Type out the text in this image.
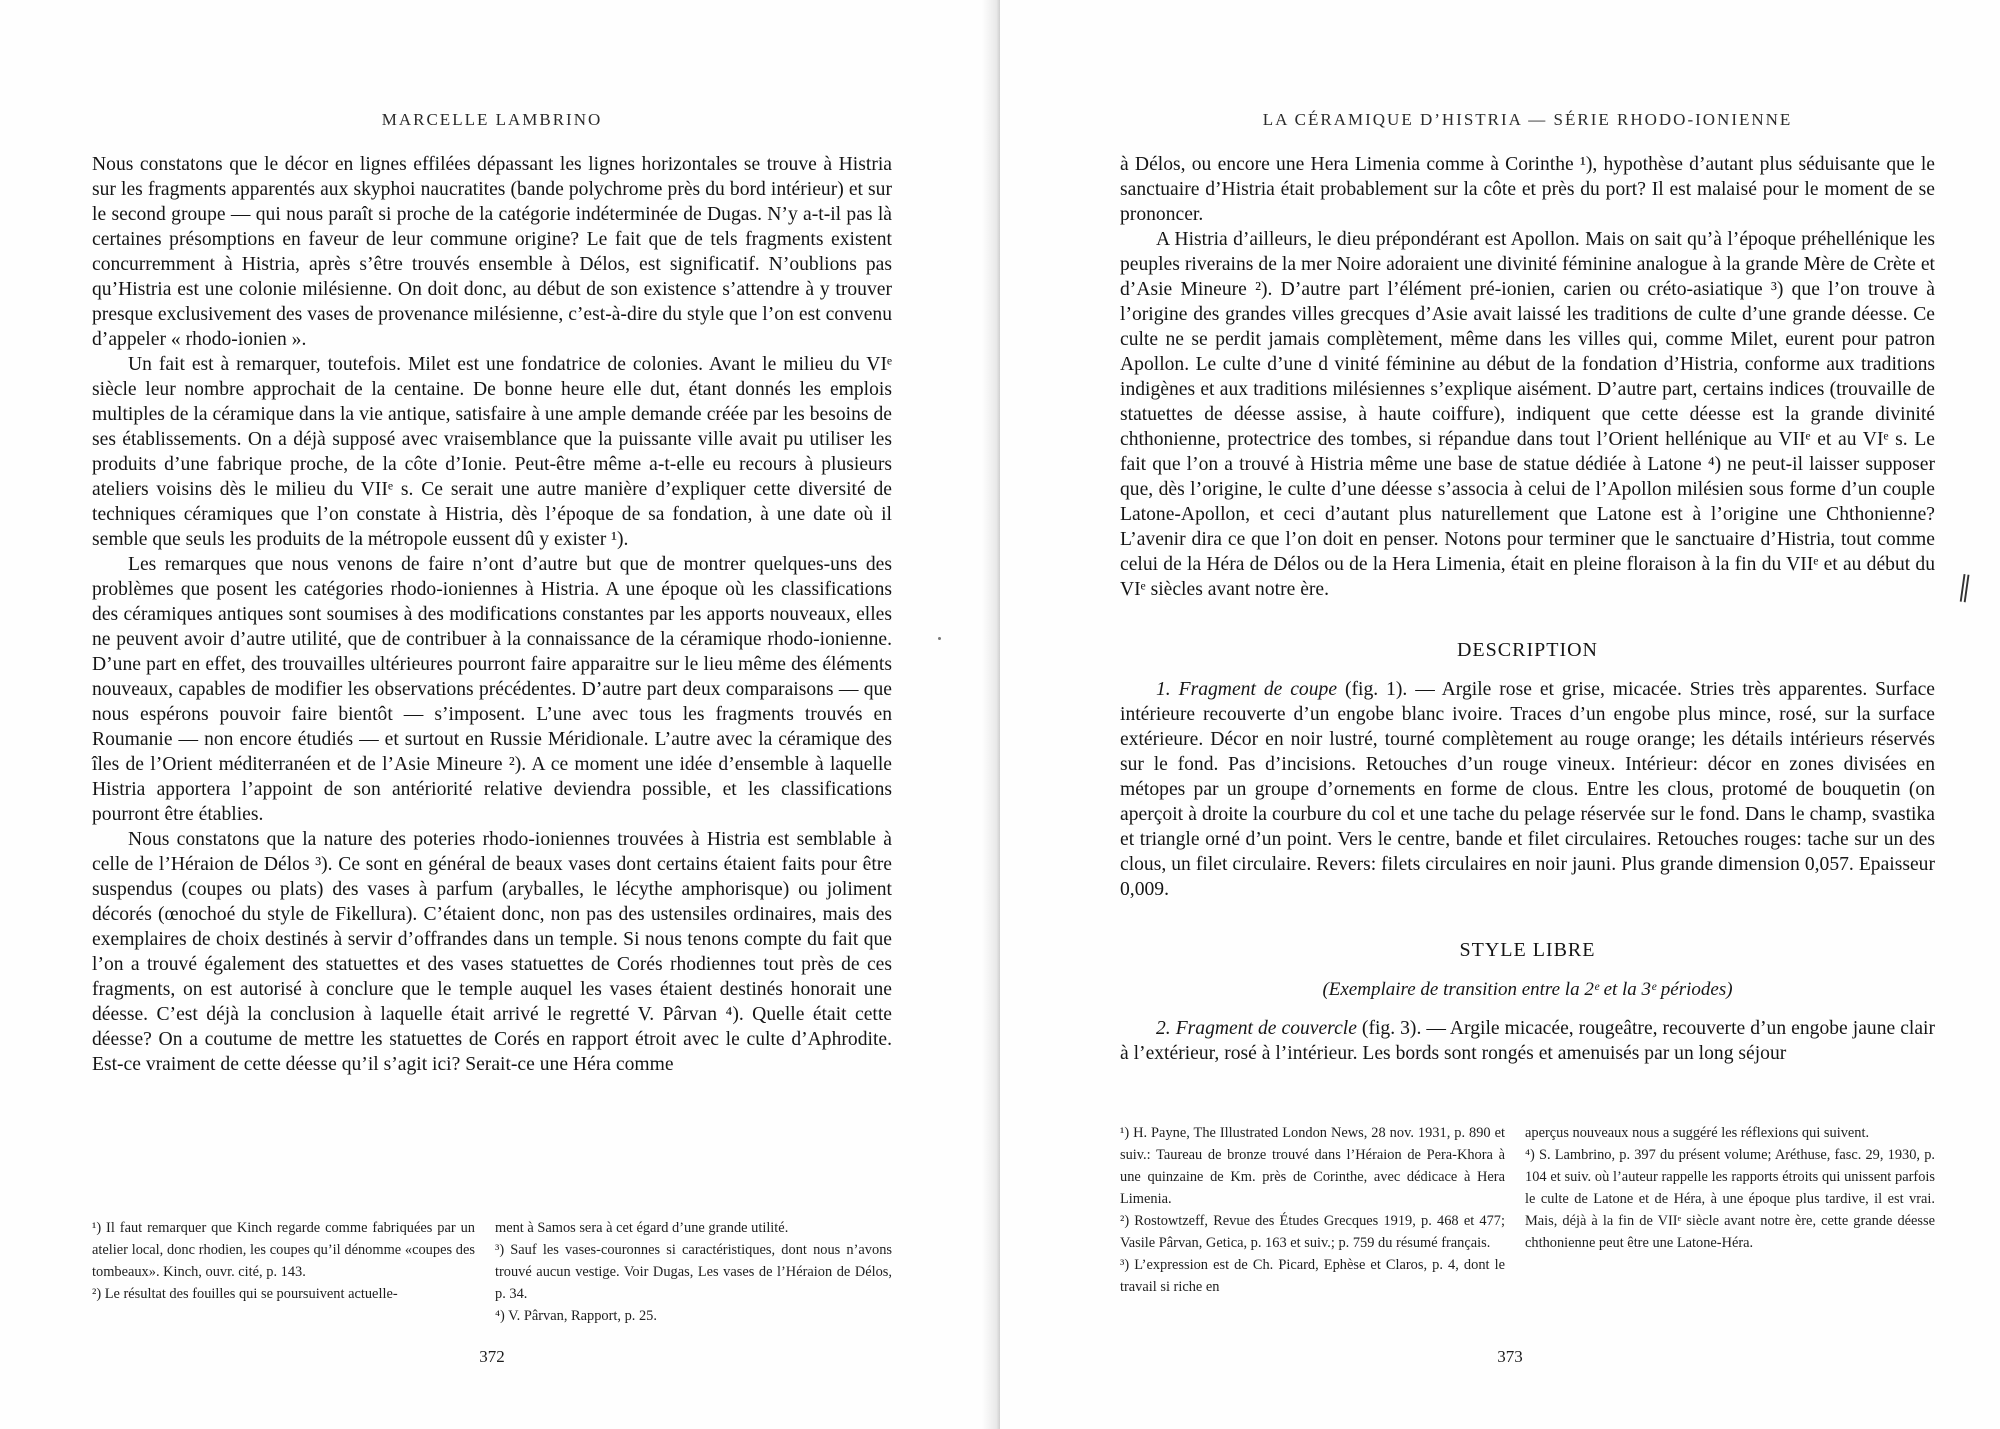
MARCELLE LAMBRINO

Nous constatons que le décor en lignes effilées dépassant les lignes horizontales se trouve à Histria sur les fragments apparentés aux skyphoi naucratites (bande polychrome près du bord intérieur) et sur le second groupe — qui nous paraît si proche de la catégorie indéterminée de Dugas. N’y a-t-il pas là certaines présomptions en faveur de leur commune origine? Le fait que de tels fragments existent concurremment à Histria, après s’être trouvés ensemble à Délos, est significatif. N’oublions pas qu’Histria est une colonie milésienne. On doit donc, au début de son existence s’attendre à y trouver presque exclusivement des vases de provenance milésienne, c’est-à-dire du style que l’on est convenu d’appeler « rhodo-ionien ».

Un fait est à remarquer, toutefois. Milet est une fondatrice de colonies. Avant le milieu du VIᵉ siècle leur nombre approchait de la centaine. De bonne heure elle dut, étant donnés les emplois multiples de la céramique dans la vie antique, satisfaire à une ample demande créée par les besoins de ses établissements. On a déjà supposé avec vraisemblance que la puissante ville avait pu utiliser les produits d’une fabrique proche, de la côte d’Ionie. Peut-être même a-t-elle eu recours à plusieurs ateliers voisins dès le milieu du VIIᵉ s. Ce serait une autre manière d’expliquer cette diversité de techniques céramiques que l’on constate à Histria, dès l’époque de sa fondation, à une date où il semble que seuls les produits de la métropole eussent dû y exister ¹).

Les remarques que nous venons de faire n’ont d’autre but que de montrer quelques-uns des problèmes que posent les catégories rhodo-ioniennes à Histria. A une époque où les classifications des céramiques antiques sont soumises à des modifications constantes par les apports nouveaux, elles ne peuvent avoir d’autre utilité, que de contribuer à la connaissance de la céramique rhodo-ionienne. D’une part en effet, des trouvailles ultérieures pourront faire apparaitre sur le lieu même des éléments nouveaux, capables de modifier les observations précédentes. D’autre part deux comparaisons — que nous espérons pouvoir faire bientôt — s’imposent. L’une avec tous les fragments trouvés en Roumanie — non encore étudiés — et surtout en Russie Méridionale. L’autre avec la céramique des îles de l’Orient méditerranéen et de l’Asie Mineure ²). A ce moment une idée d’ensemble à laquelle Histria apportera l’appoint de son antériorité relative deviendra possible, et les classifications pourront être établies.

Nous constatons que la nature des poteries rhodo-ioniennes trouvées à Histria est semblable à celle de l’Héraion de Délos ³). Ce sont en général de beaux vases dont certains étaient faits pour être suspendus (coupes ou plats) des vases à parfum (aryballes, le lécythe amphorisque) ou joliment décorés (œnochoé du style de Fikellura). C’étaient donc, non pas des ustensiles ordinaires, mais des exemplaires de choix destinés à servir d’offrandes dans un temple. Si nous tenons compte du fait que l’on a trouvé également des statuettes et des vases statuettes de Corés rhodiennes tout près de ces fragments, on est autorisé à conclure que le temple auquel les vases étaient destinés honorait une déesse. C’est déjà la conclusion à laquelle était arrivé le regretté V. Pârvan ⁴). Quelle était cette déesse? On a coutume de mettre les statuettes de Corés en rapport étroit avec le culte d’Aphrodite. Est-ce vraiment de cette déesse qu’il s’agit ici? Serait-ce une Héra comme

¹) Il faut remarquer que Kinch regarde comme fabriquées par un atelier local, donc rhodien, les coupes qu’il dénomme «coupes des tombeaux». Kinch, ouvr. cité, p. 143.

²) Le résultat des fouilles qui se poursuivent actuelle-

ment à Samos sera à cet égard d’une grande utilité.

³) Sauf les vases-couronnes si caractéristiques, dont nous n’avons trouvé aucun vestige. Voir Dugas, Les vases de l’Héraion de Délos, p. 34.

⁴) V. Pârvan, Rapport, p. 25.

372
LA CÉRAMIQUE D’HISTRIA — SÉRIE RHODO-IONIENNE

à Délos, ou encore une Hera Limenia comme à Corinthe ¹), hypothèse d’autant plus séduisante que le sanctuaire d’Histria était probablement sur la côte et près du port? Il est malaisé pour le moment de se prononcer.

A Histria d’ailleurs, le dieu prépondérant est Apollon. Mais on sait qu’à l’époque préhellénique les peuples riverains de la mer Noire adoraient une divinité féminine analogue à la grande Mère de Crète et d’Asie Mineure ²). D’autre part l’élément pré-ionien, carien ou créto-asiatique ³) que l’on trouve à l’origine des grandes villes grecques d’Asie avait laissé les traditions de culte d’une grande déesse. Ce culte ne se perdit jamais complètement, même dans les villes qui, comme Milet, eurent pour patron Apollon. Le culte d’une d vinité féminine au début de la fondation d’Histria, conforme aux traditions indigènes et aux traditions milésiennes s’explique aisément. D’autre part, certains indices (trouvaille de statuettes de déesse assise, à haute coiffure), indiquent que cette déesse est la grande divinité chthonienne, protectrice des tombes, si répandue dans tout l’Orient hellénique au VIIᵉ et au VIᵉ s. Le fait que l’on a trouvé à Histria même une base de statue dédiée à Latone ⁴) ne peut-il laisser supposer que, dès l’origine, le culte d’une déesse s’associa à celui de l’Apollon milésien sous forme d’un couple Latone-Apollon, et ceci d’autant plus naturellement que Latone est à l’origine une Chthonienne? L’avenir dira ce que l’on doit en penser. Notons pour terminer que le sanctuaire d’Histria, tout comme celui de la Héra de Délos ou de la Hera Limenia, était en pleine floraison à la fin du VIIᵉ et au début du VIᵉ siècles avant notre ère.

DESCRIPTION

1. Fragment de coupe (fig. 1). — Argile rose et grise, micacée. Stries très apparentes. Surface intérieure recouverte d’un engobe blanc ivoire. Traces d’un engobe plus mince, rosé, sur la surface extérieure. Décor en noir lustré, tourné complètement au rouge orange; les détails intérieurs réservés sur le fond. Pas d’incisions. Retouches d’un rouge vineux. Intérieur: décor en zones divisées en métopes par un groupe d’ornements en forme de clous. Entre les clous, protomé de bouquetin (on aperçoit à droite la courbure du col et une tache du pelage réservée sur le fond. Dans le champ, svastika et triangle orné d’un point. Vers le centre, bande et filet circulaires. Retouches rouges: tache sur un des clous, un filet circulaire. Revers: filets circulaires en noir jauni. Plus grande dimension 0,057. Epaisseur 0,009.

STYLE LIBRE
(Exemplaire de transition entre la 2ᵉ et la 3ᵉ périodes)

2. Fragment de couvercle (fig. 3). — Argile micacée, rougeâtre, recouverte d’un engobe jaune clair à l’extérieur, rosé à l’intérieur. Les bords sont rongés et amenuisés par un long séjour

¹) H. Payne, The Illustrated London News, 28 nov. 1931, p. 890 et suiv.: Taureau de bronze trouvé dans l’Héraion de Pera-Khora à une quinzaine de Km. près de Corinthe, avec dédicace à Hera Limenia.

²) Rostowtzeff, Revue des Études Grecques 1919, p. 468 et 477; Vasile Pârvan, Getica, p. 163 et suiv.; p. 759 du résumé français.

³) L’expression est de Ch. Picard, Ephèse et Claros, p. 4, dont le travail si riche en

aperçus nouveaux nous a suggéré les réflexions qui suivent.

⁴) S. Lambrino, p. 397 du présent volume; Aréthuse, fasc. 29, 1930, p. 104 et suiv. où l’auteur rappelle les rapports étroits qui unissent parfois le culte de Latone et de Héra, à une époque plus tardive, il est vrai. Mais, déjà à la fin de VIIᵉ siècle avant notre ère, cette grande déesse chthonienne peut être une Latone-Héra.

373
ǁ
